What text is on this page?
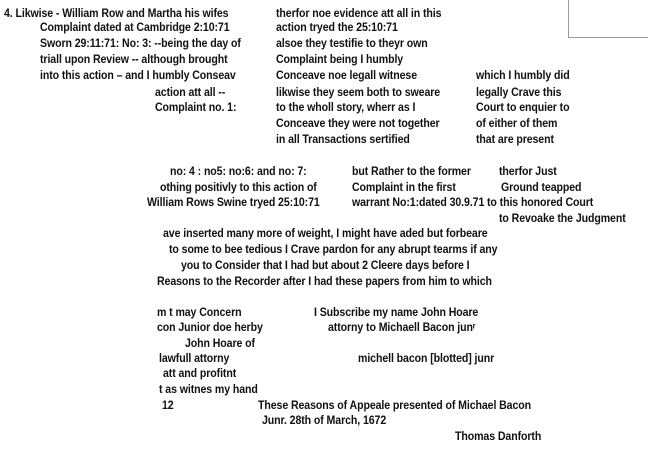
4. Likwise - William Row and Martha his wifes
Complaint dated at Cambridge 2:10:71
Sworn 29:11:71: No: 3: --being the day of
triall upon Review -- although brought
into this action – and I humbly Conseav
action att all --
Complaint no. 1:
therfor noe evidence att all in this
action tryed the 25:10:71
alsoe they testifie to theyr own
Complaint being I humbly
Conceave noe legall witnese
likwise they seem both to sweare
to the wholl story, wherr as I
Conceave they were not together
in all Transactions sertified
which I humbly did
legally Crave this
Court to enquier to
of either of them
that are present
no: 4 : no5: no:6: and no: 7:
othing positivly to this action of
William Rows Swine tryed 25:10:71
but Rather to the former
Complaint in the first
warrant No:1:dated 30.9.71
therfor Just
Ground teapped
to this honored Court
to Revoake the Judgment
ave inserted many more of weight, I might have aded but forbeare
to some to bee tedious I Crave pardon for any abrupt tearms if any
you to Consider that I had but about 2 Cleere days before I
Reasons to the Recorder after I had these papers from him to which
m t may Concern
con Junior doe herby
John Hoare of
lawfull attorny
att and profitnt
t as witnes my hand
12
I Subscribe my name John Hoare
attorny to Michaell Bacon junʳ
michell bacon [blotted] junr
These Reasons of Appeale presented of Michael Bacon
Junr. 28th of March, 1672
Thomas Danforth
